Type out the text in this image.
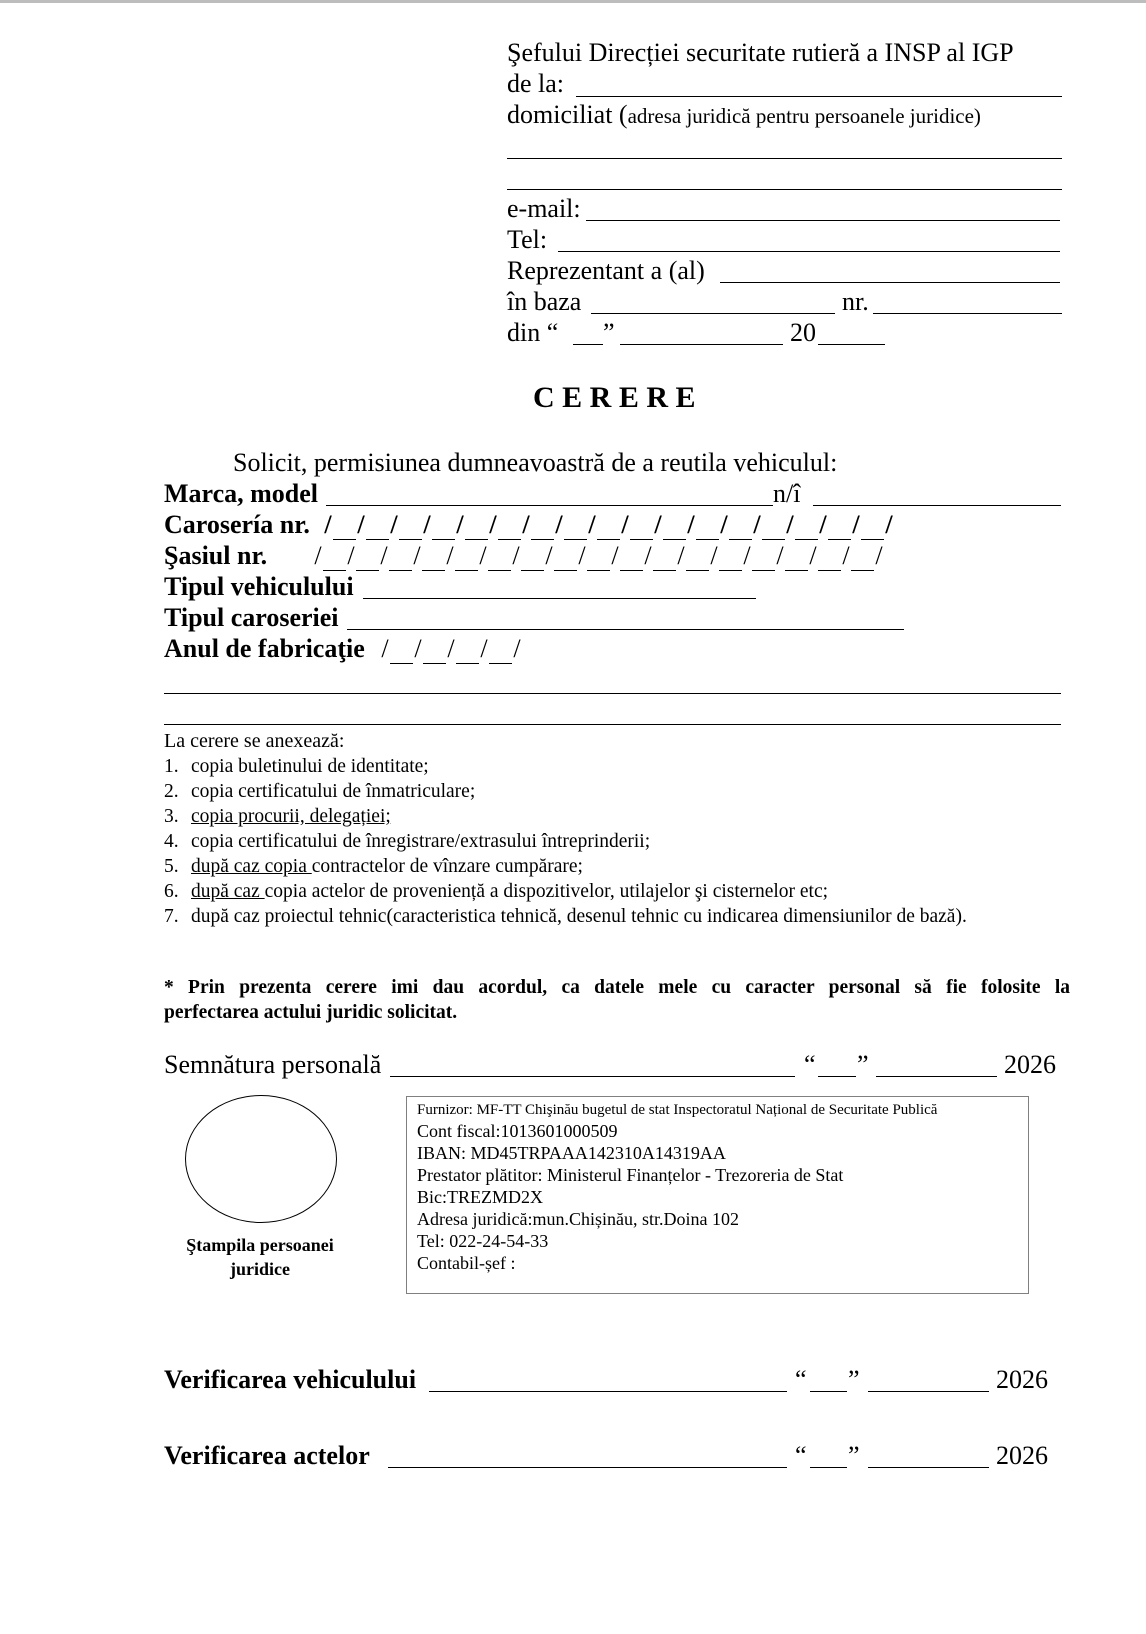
Şefului Direcției securitate rutieră a INSP al IGP
de la:
domiciliat (adresa juridică pentru persoanele juridice)
e-mail:
Tel:
Reprezentant a (al)
în baza	nr.
din “ ”	20
C E R E R E
Solicit, permisiunea dumneavoastră de a reutila vehiculul:
Marca, model	n/î
Carosería nr. / / / / / / / / / / / / / / / / / /
Şasiul nr. / / / / / / / / / / / / / / / / / /
Tipul vehiculului
Tipul caroseriei
Anul de fabricaţie / / / / /
La cerere se anexează:
1. copia buletinului de identitate;
2. copia certificatului de înmatriculare;
3. copia procurii, delegației;
4. copia certificatului de înregistrare/extrasului întreprinderii;
5. după caz copia contractelor de vînzare cumpărare;
6. după caz copia actelor de proveniență a dispozitivelor, utilajelor şi cisternelor etc;
7. după caz proiectul tehnic(caracteristica tehnică, desenul tehnic cu indicarea dimensiunilor de bază).
* Prin prezenta cerere imi dau acordul, ca datele mele cu caracter personal să fie folosite la
perfectarea actului juridic solicitat.
Semnătura personală	“ ”	2026
Ştampila persoanei
juridice
Furnizor: MF-TT Chişinău bugetul de stat Inspectoratul Național de Securitate Publică
Cont fiscal:1013601000509
IBAN: MD45TRPAAA142310A14319AA
Prestator plătitor: Ministerul Finanțelor - Trezoreria de Stat
Bic:TREZMD2X
Adresa juridică:mun.Chișinău, str.Doina 102
Tel: 022-24-54-33
Contabil-șef :
Verificarea vehiculului	“ ”	2026
Verificarea actelor	“ ”	2026
